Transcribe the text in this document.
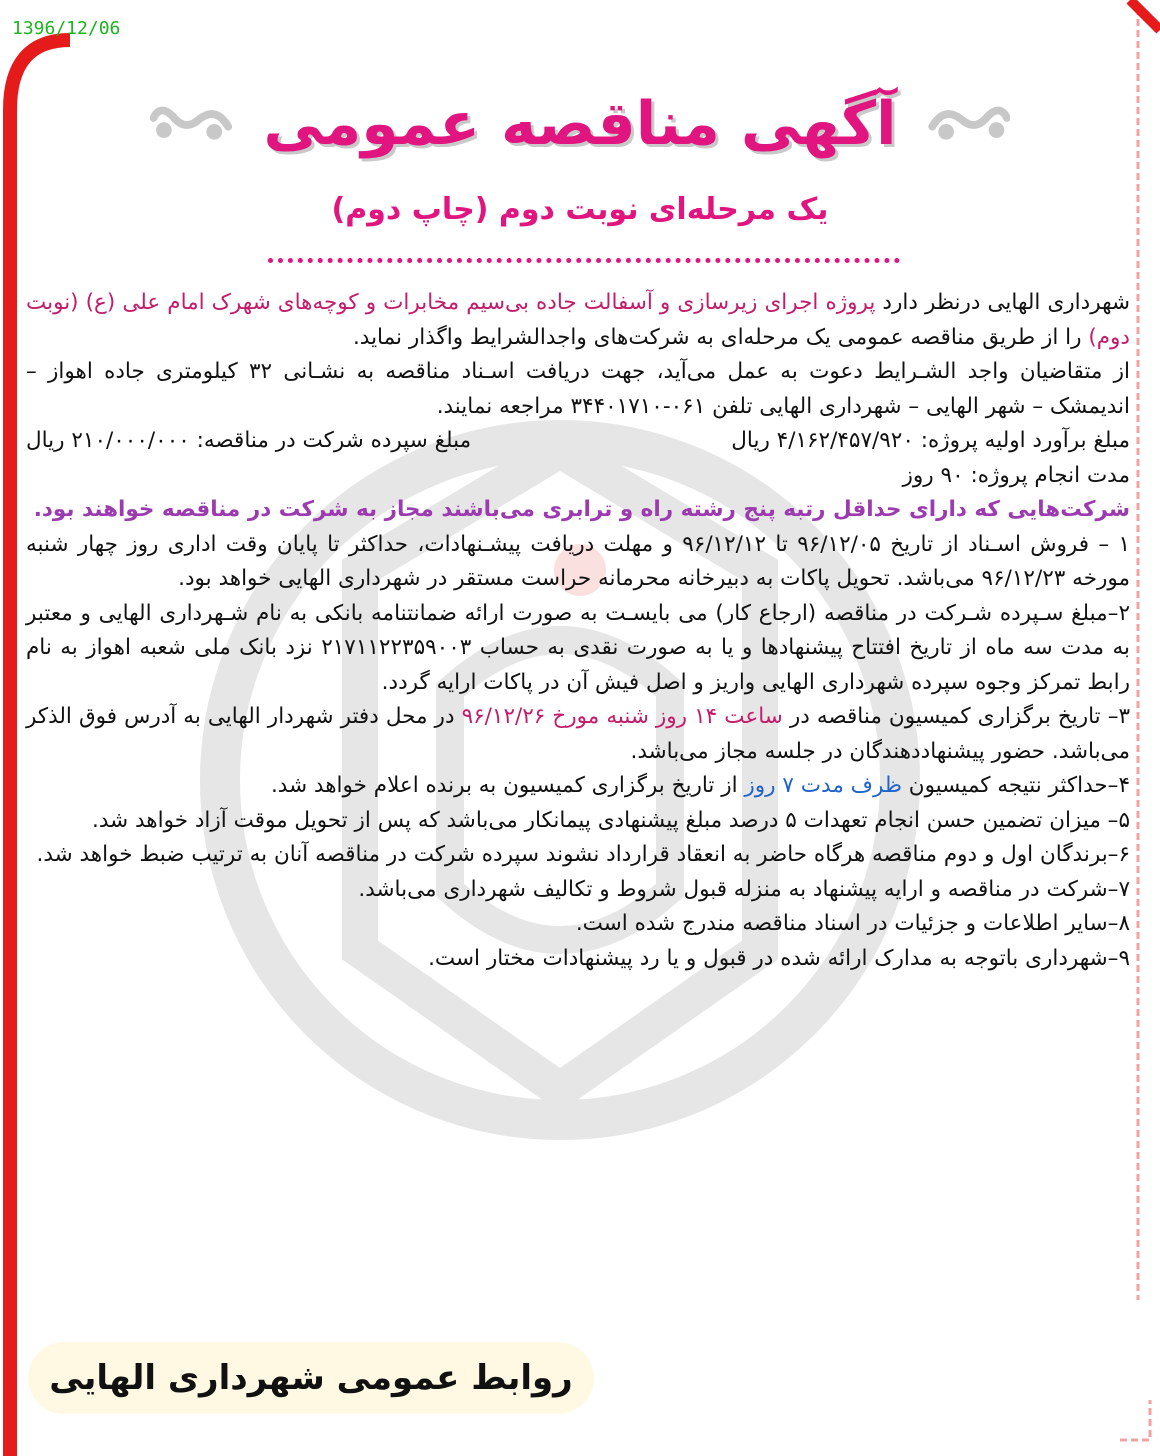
1396/12/06
آگهی مناقصه عمومی
یک مرحله‌ای نوبت دوم (چاپ دوم)

شهرداری الهایی درنظر دارد پروژه اجرای زیرسازی و آسفالت جاده بی‌سیم مخابرات و کوچه‌های شهرک امام علی (ع) (نوبت دوم) را از طریق مناقصه عمومی یک مرحله‌ای به شرکت‌های واجدالشرایط واگذار نماید.

از متقاضیان واجد الشـرایط دعوت به عمل می‌آید، جهت دریافت اسـناد مناقصه به نشـانی ۳۲ کیلومتری جاده اهواز – اندیمشک – شهر الهایی – شهرداری الهایی تلفن ۰۶۱-۳۴۴۰۱۷۱۰ مراجعه نمایند.

مبلغ برآورد اولیه پروژه: ۴/۱۶۲/۴۵۷/۹۲۰ ریال
مبلغ سپرده شرکت در مناقصه: ۲۱۰/۰۰۰/۰۰۰ ریال

مدت انجام پروژه: ۹۰ روز

شرکت‌هایی که دارای حداقل رتبه پنج رشته راه و ترابری می‌باشند مجاز به شرکت در مناقصه خواهند بود.

۱ – فروش اسـناد از تاریخ ۹۶/۱۲/۰۵ تا ۹۶/۱۲/۱۲ و مهلت دریافت پیشـنهادات، حداکثر تا پایان وقت اداری روز چهار شنبه مورخه ۹۶/۱۲/۲۳ می‌باشد. تحویل پاکات به دبیرخانه محرمانه حراست مستقر در شهرداری الهایی خواهد بود.

۲–مبلغ سـپرده شـرکت در مناقصه (ارجاع کار) می بایسـت به صورت ارائه ضمانتنامه بانکی به نام شـهرداری الهایی و معتبر به مدت سه ماه از تاریخ افتتاح پیشنهادها و یا به صورت نقدی به حساب ۲۱۷۱۱۲۲۳۵۹۰۰۳ نزد بانک ملی شعبه اهواز به نام رابط تمرکز وجوه سپرده شهرداری الهایی واریز و اصل فیش آن در پاکات ارایه گردد.

۳– تاریخ برگزاری کمیسیون مناقصه در ساعت ۱۴ روز شنبه مورخ ۹۶/۱۲/۲۶ در محل دفتر شهردار الهایی به آدرس فوق الذکر می‌باشد. حضور پیشنهاددهندگان در جلسه مجاز می‌باشد.

۴–حداکثر نتیجه کمیسیون ظرف مدت ۷ روز از تاریخ برگزاری کمیسیون به برنده اعلام خواهد شد.

۵– میزان تضمین حسن انجام تعهدات ۵ درصد مبلغ پیشنهادی پیمانکار می‌باشد که پس از تحویل موقت آزاد خواهد شد.

۶–برندگان اول و دوم مناقصه هرگاه حاضر به انعقاد قرارداد نشوند سپرده شرکت در مناقصه آنان به ترتیب ضبط خواهد شد.

۷–شرکت در مناقصه و ارایه پیشنهاد به منزله قبول شروط و تکالیف شهرداری می‌باشد.

۸–سایر اطلاعات و جزئیات در اسناد مناقصه مندرج شده است.

۹–شهرداری باتوجه به مدارک ارائه شده در قبول و یا رد پیشنهادات مختار است.

روابط عمومی شهرداری الهایی
